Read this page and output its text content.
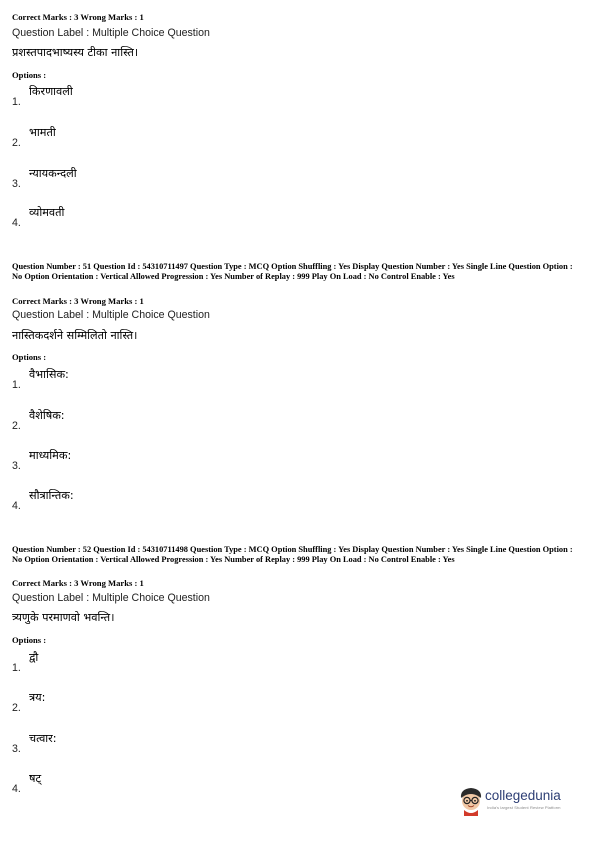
Correct Marks : 3 Wrong Marks : 1
Question Label : Multiple Choice Question
प्रशस्तपादभाष्यस्य टीका नास्ति।
Options :
1.
किरणावली
2.
भामती
3.
न्यायकन्दली
4.
व्योमवती
Question Number : 51 Question Id : 54310711497 Question Type : MCQ Option Shuffling : Yes Display Question Number : Yes Single Line Question Option : No Option Orientation : Vertical Allowed Progression : Yes Number of Replay : 999 Play On Load : No Control Enable : Yes
Correct Marks : 3 Wrong Marks : 1
Question Label : Multiple Choice Question
नास्तिकदर्शने सम्मिलितो नास्ति।
Options :
1.
वैभासिक:
2.
वैशेषिक:
3.
माध्यमिक:
4.
सौत्रान्तिक:
Question Number : 52 Question Id : 54310711498 Question Type : MCQ Option Shuffling : Yes Display Question Number : Yes Single Line Question Option : No Option Orientation : Vertical Allowed Progression : Yes Number of Replay : 999 Play On Load : No Control Enable : Yes
Correct Marks : 3 Wrong Marks : 1
Question Label : Multiple Choice Question
त्र्यणुके परमाणवो भवन्ति।
Options :
1.
द्वौ
2.
त्रय:
3.
चत्वार:
4.
षट्
collegedunia
India's largest Student Review Platform
